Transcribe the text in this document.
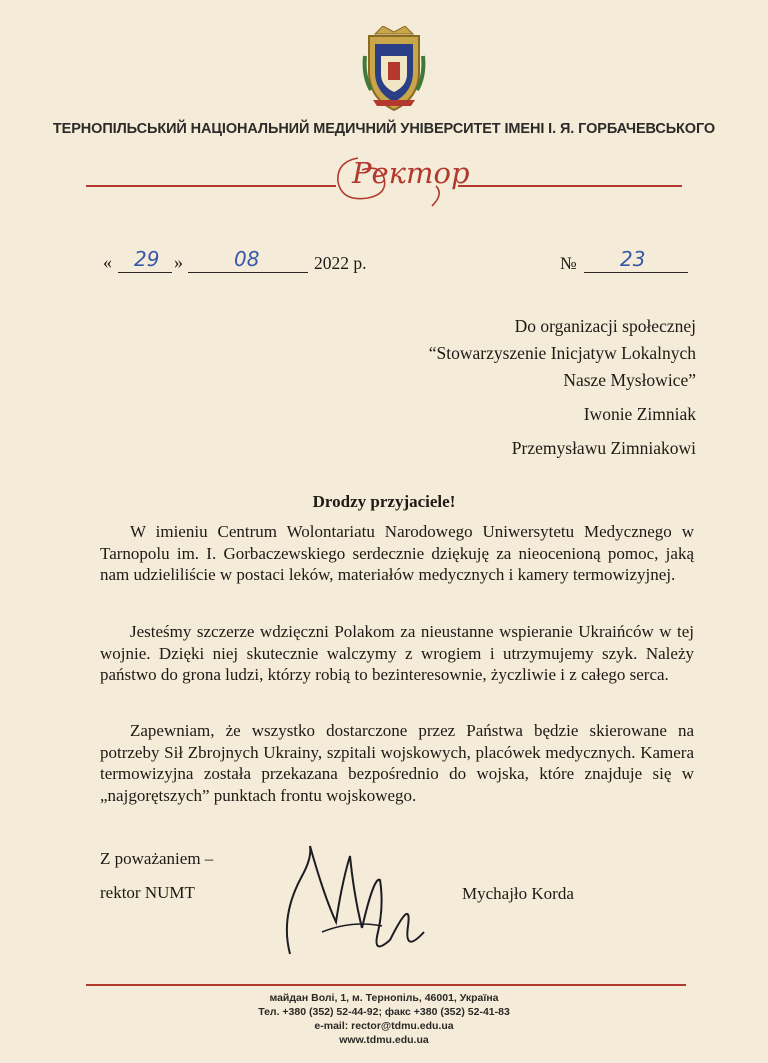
ТЕРНОПІЛЬСЬКИЙ НАЦІОНАЛЬНИЙ МЕДИЧНИЙ УНІВЕРСИТЕТ ІМЕНІ І. Я. ГОРБАЧЕВСЬКОГО
Ректор
« 29 »	08	2022 р.	№ 23
Do organizacji społecznej
“Stowarzyszenie Inicjatyw Lokalnych
Nasze Mysłowice”
Iwonie Zimniak
Przemysławu Zimniakowi
Drodzy przyjaciele!
W imieniu Centrum Wolontariatu Narodowego Uniwersytetu Medycznego w Tarnopolu im. I. Gorbaczewskiego serdecznie dziękuję za nieocenioną pomoc, jaką nam udzieliliście w postaci leków, materiałów medycznych i kamery termowizyjnej.
Jesteśmy szczerze wdzięczni Polakom za nieustanne wspieranie Ukraińców w tej wojnie. Dzięki niej skutecznie walczymy z wrogiem i utrzymujemy szyk. Należy państwo do grona ludzi, którzy robią to bezinteresownie, życzliwie i z całego serca.
Zapewniam, że wszystko dostarczone przez Państwa będzie skierowane na potrzeby Sił Zbrojnych Ukrainy, szpitali wojskowych, placówek medycznych. Kamera termowizyjna została przekazana bezpośrednio do wojska, które znajduje się w „najgorętszych” punktach frontu wojskowego.
Z poważaniem –
rektor NUMT	Mychajło Korda
майдан Волі, 1, м. Тернопіль, 46001, Україна
Тел. +380 (352) 52-44-92; факс +380 (352) 52-41-83
e-mail: rector@tdmu.edu.ua
www.tdmu.edu.ua
